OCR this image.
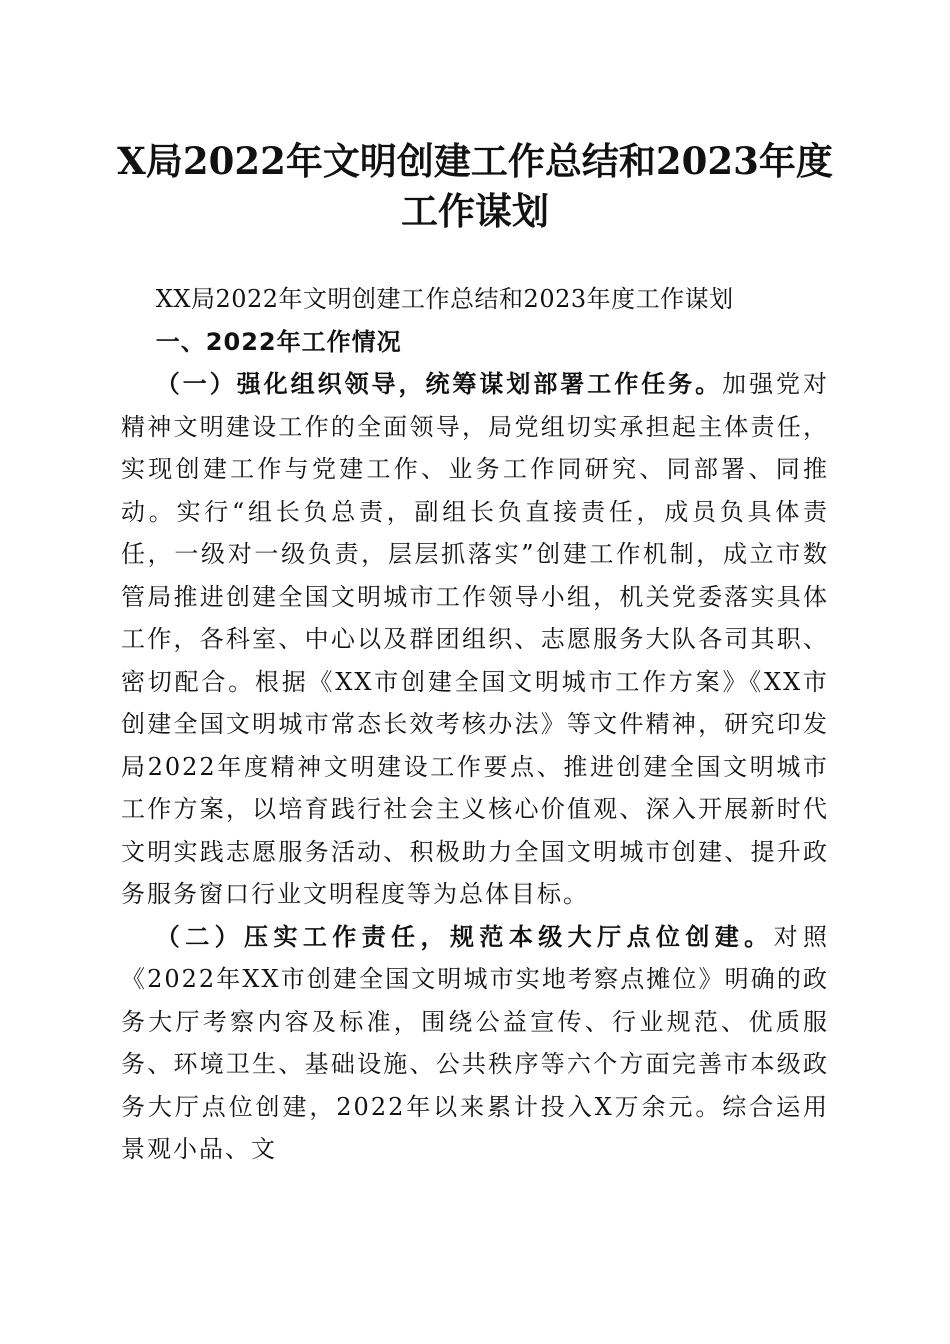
X局2022年文明创建工作总结和2023年度工作谋划

XX局2022年文明创建工作总结和2023年度工作谋划

一、2022年工作情况

（一）强化组织领导，统筹谋划部署工作任务。加强党对精神文明建设工作的全面领导，局党组切实承担起主体责任，实现创建工作与党建工作、业务工作同研究、同部署、同推动。实行“组长负总责，副组长负直接责任，成员负具体责任，一级对一级负责，层层抓落实”创建工作机制，成立市数管局推进创建全国文明城市工作领导小组，机关党委落实具体工作，各科室、中心以及群团组织、志愿服务大队各司其职、密切配合。根据《XX市创建全国文明城市工作方案》《XX市创建全国文明城市常态长效考核办法》等文件精神，研究印发局2022年度精神文明建设工作要点、推进创建全国文明城市工作方案，以培育践行社会主义核心价值观、深入开展新时代文明实践志愿服务活动、积极助力全国文明城市创建、提升政务服务窗口行业文明程度等为总体目标。

（二）压实工作责任，规范本级大厅点位创建。对照《2022年XX市创建全国文明城市实地考察点摊位》明确的政务大厅考察内容及标准，围绕公益宣传、行业规范、优质服务、环境卫生、基础设施、公共秩序等六个方面完善市本级政务大厅点位创建，2022年以来累计投入X万余元。综合运用景观小品、文
